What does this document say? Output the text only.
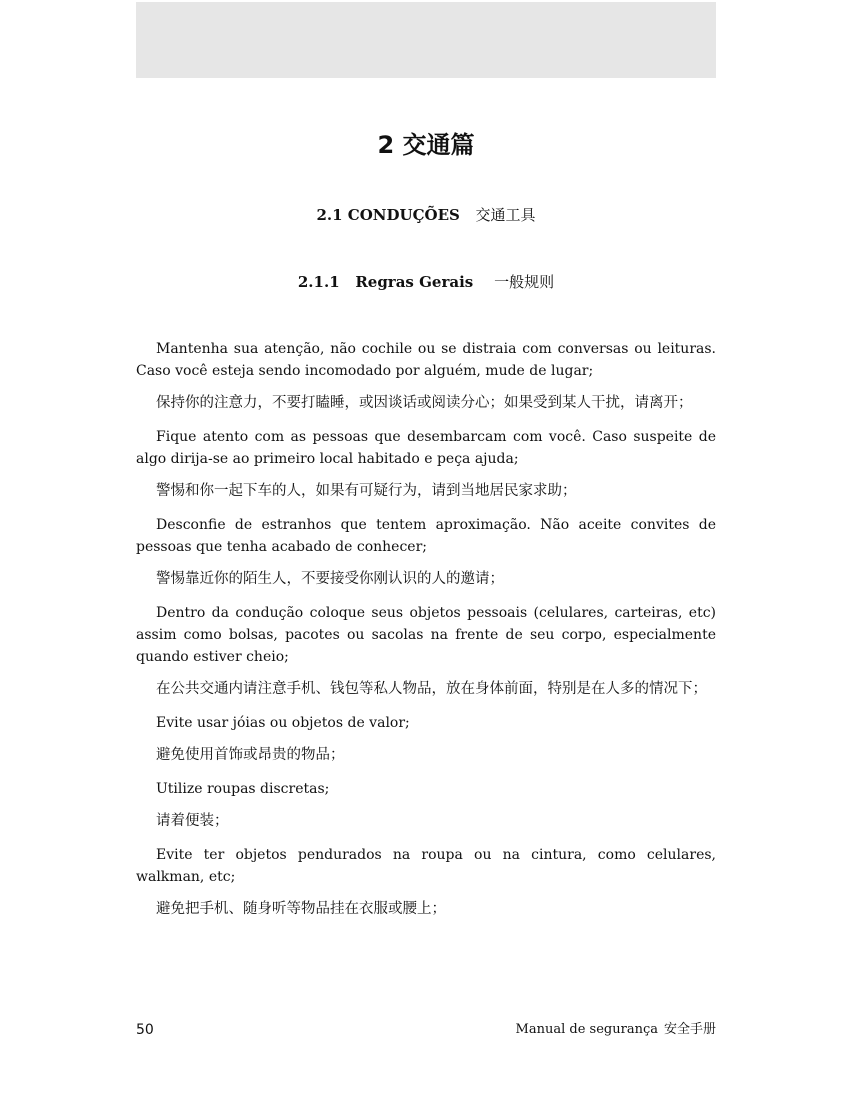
2 交通篇
2.1 CONDUÇÕES 交通工具
2.1.1 Regras Gerais 一般规则

Mantenha sua atenção, não cochile ou se distraia com conversas ou leituras. Caso você esteja sendo incomodado por alguém, mude de lugar;

保持你的注意力，不要打瞌睡，或因谈话或阅读分心；如果受到某人干扰，请离开；

Fique atento com as pessoas que desembarcam com você. Caso suspeite de algo dirija-se ao primeiro local habitado e peça ajuda;

警惕和你一起下车的人，如果有可疑行为，请到当地居民家求助；

Desconfie de estranhos que tentem aproximação. Não aceite convites de pessoas que tenha acabado de conhecer;

警惕靠近你的陌生人，不要接受你刚认识的人的邀请；

Dentro da condução coloque seus objetos pessoais (celulares, carteiras, etc) assim como bolsas, pacotes ou sacolas na frente de seu corpo, especialmente quando estiver cheio;

在公共交通内请注意手机、钱包等私人物品，放在身体前面，特别是在人多的情况下；

Evite usar jóias ou objetos de valor;

避免使用首饰或昂贵的物品；

Utilize roupas discretas;

请着便装；

Evite ter objetos pendurados na roupa ou na cintura, como celulares, walkman, etc;

避免把手机、随身听等物品挂在衣服或腰上；

50	Manual de segurança 安全手册
